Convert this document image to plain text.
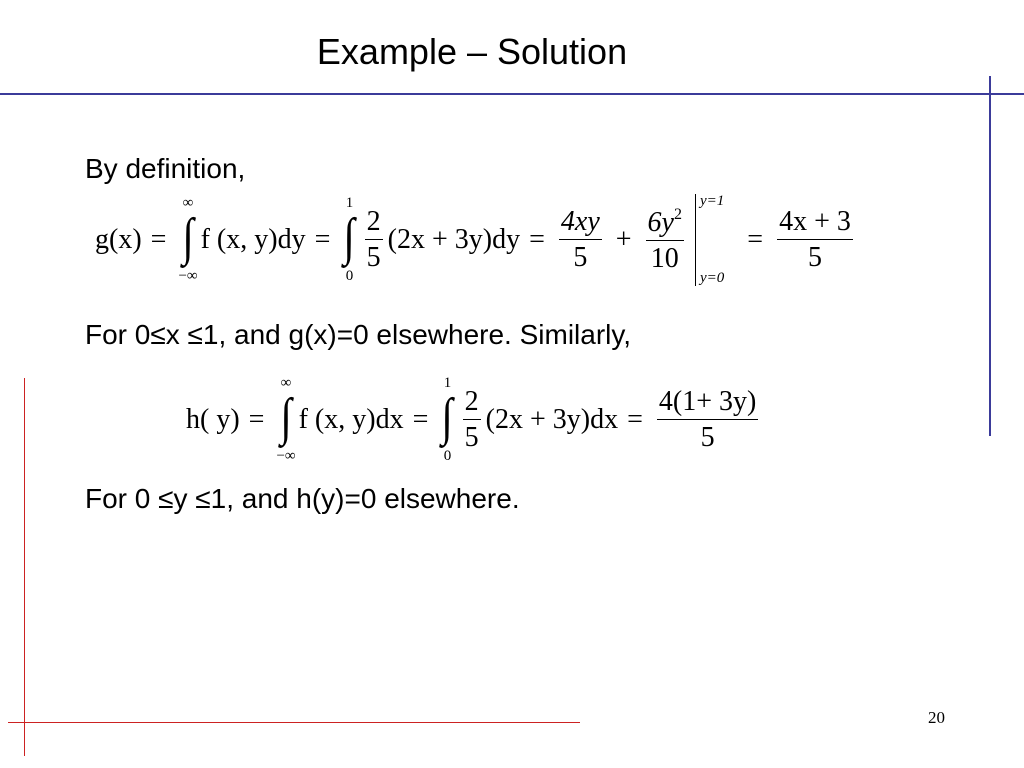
Example – Solution
By definition,
g(x) =
∞
∫
−∞
f (x, y)dy =
1
∫
0
$\frac{2}{5} (2x + 3y)dy = \frac{4xy}{5} + \frac{6y^2}{10}$
y=1
y=0
= $\frac{4x + 3}{5}$
For 0≤x ≤1, and g(x)=0 elsewhere. Similarly,
h( y) =
∞
∫
−∞
f (x, y)dx =
1
∫
0
$\frac{2}{5} (2x + 3y)dx = \frac{4(1+ 3y)}{5}$
For 0 ≤y ≤1, and h(y)=0 elsewhere.
20
